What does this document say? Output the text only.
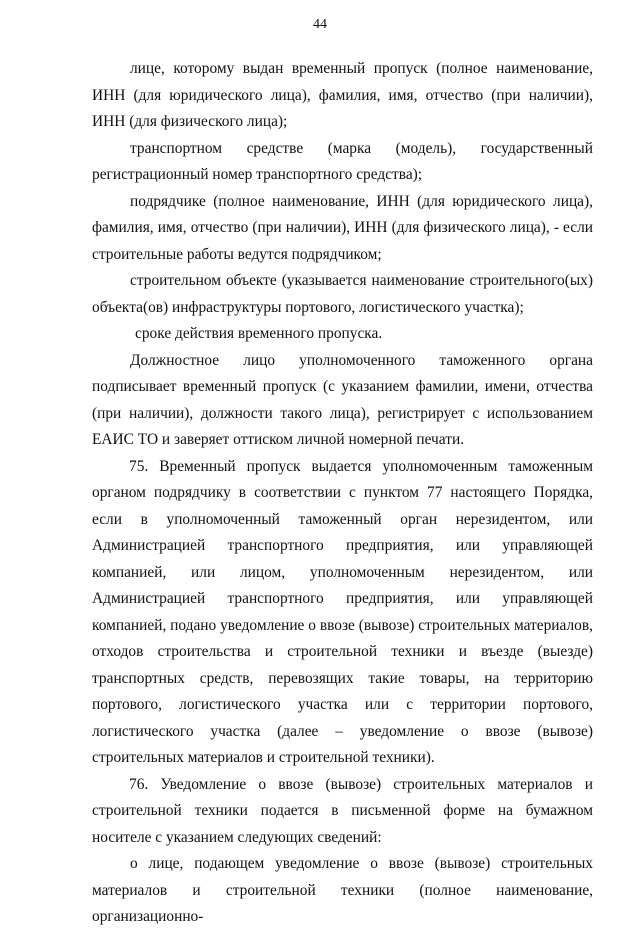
44

лице, которому выдан временный пропуск (полное наименование, ИНН (для юридического лица), фамилия, имя, отчество (при наличии), ИНН (для физического лица);

транспортном средстве (марка (модель), государственный регистрационный номер транспортного средства);

подрядчике (полное наименование, ИНН (для юридического лица), фамилия, имя, отчество (при наличии), ИНН (для физического лица), - если строительные работы ведутся подрядчиком;

строительном объекте (указывается наименование строительного(ых) объекта(ов) инфраструктуры портового, логистического участка);

сроке действия временного пропуска.

Должностное лицо уполномоченного таможенного органа подписывает временный пропуск (с указанием фамилии, имени, отчества (при наличии), должности такого лица), регистрирует с использованием ЕАИС ТО и заверяет оттиском личной номерной печати.

75. Временный пропуск выдается уполномоченным таможенным органом подрядчику в соответствии с пунктом 77 настоящего Порядка, если в уполномоченный таможенный орган нерезидентом, или Администрацией транспортного предприятия, или управляющей компанией, или лицом, уполномоченным нерезидентом, или Администрацией транспортного предприятия, или управляющей компанией, подано уведомление о ввозе (вывозе) строительных материалов, отходов строительства и строительной техники и въезде (выезде) транспортных средств, перевозящих такие товары, на территорию портового, логистического участка или с территории портового, логистического участка (далее – уведомление о ввозе (вывозе) строительных материалов и строительной техники).

76. Уведомление о ввозе (вывозе) строительных материалов и строительной техники подается в письменной форме на бумажном носителе с указанием следующих сведений:

о лице, подающем уведомление о ввозе (вывозе) строительных материалов и строительной техники (полное наименование, организационно-
